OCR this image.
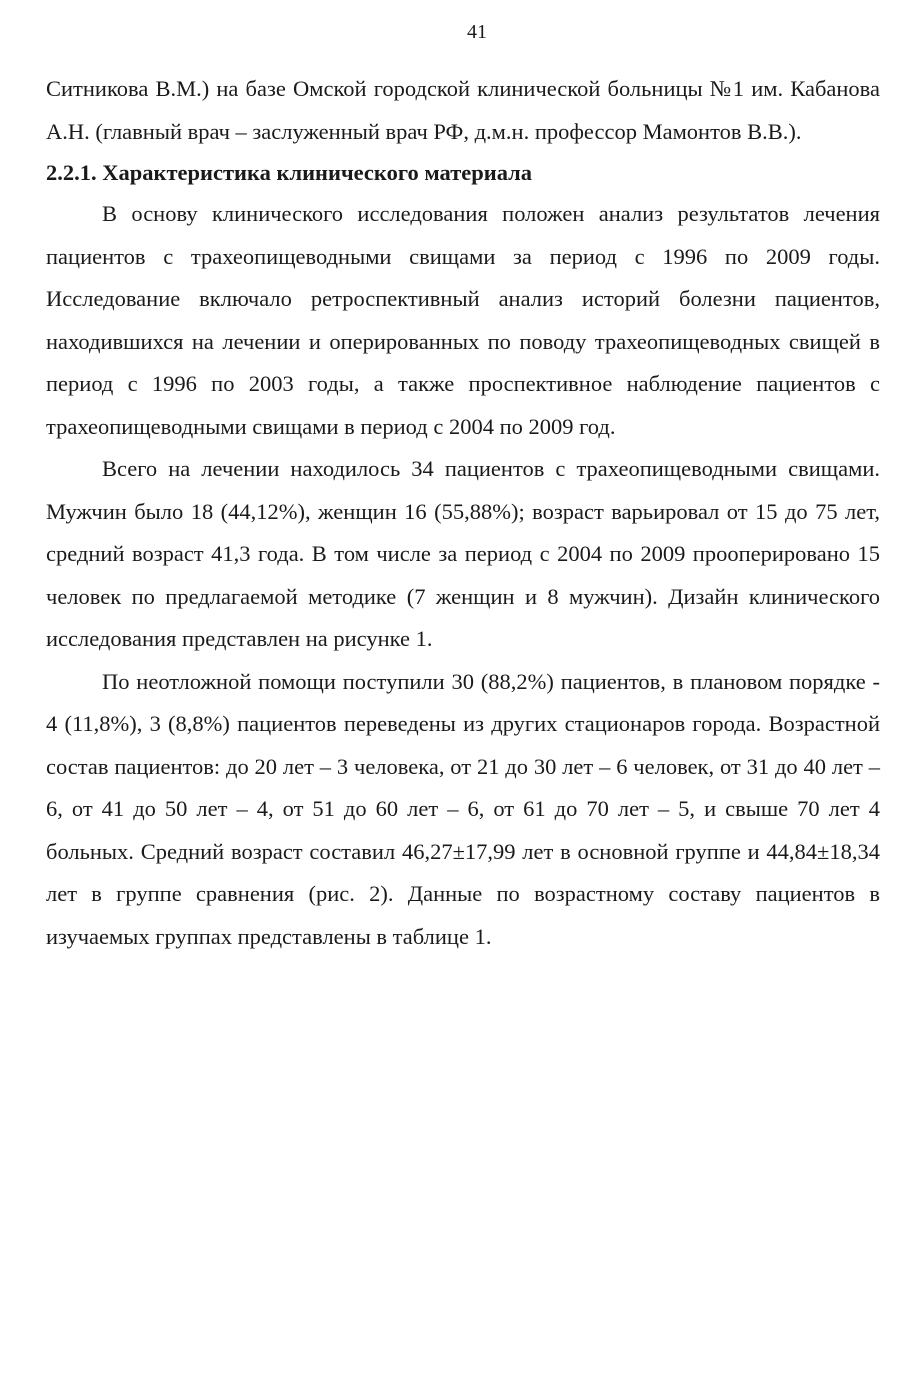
41

Ситникова В.М.) на базе Омской городской клинической больницы №1 им. Кабанова А.Н. (главный врач – заслуженный врач РФ, д.м.н. профессор Мамонтов В.В.).

2.2.1. Характеристика клинического материала

В основу клинического исследования положен анализ результатов лечения пациентов с трахеопищеводными свищами за период с 1996 по 2009 годы. Исследование включало ретроспективный анализ историй болезни пациентов, находившихся на лечении и оперированных по поводу трахеопищеводных свищей в период с 1996 по 2003 годы, а также проспективное наблюдение пациентов с трахеопищеводными свищами в период с 2004 по 2009 год.

Всего на лечении находилось 34 пациентов с трахеопищеводными свищами. Мужчин было 18 (44,12%), женщин 16 (55,88%); возраст варьировал от 15 до 75 лет, средний возраст 41,3 года. В том числе за период с 2004 по 2009 прооперировано 15 человек по предлагаемой методике (7 женщин и 8 мужчин). Дизайн клинического исследования представлен на рисунке 1.

По неотложной помощи поступили 30 (88,2%) пациентов, в плановом порядке - 4 (11,8%), 3 (8,8%) пациентов переведены из других стационаров города. Возрастной состав пациентов: до 20 лет – 3 человека, от 21 до 30 лет – 6 человек, от 31 до 40 лет – 6, от 41 до 50 лет – 4, от 51 до 60 лет – 6, от 61 до 70 лет – 5, и свыше 70 лет 4 больных. Средний возраст составил 46,27±17,99 лет в основной группе и 44,84±18,34 лет в группе сравнения (рис. 2). Данные по возрастному составу пациентов в изучаемых группах представлены в таблице 1.
